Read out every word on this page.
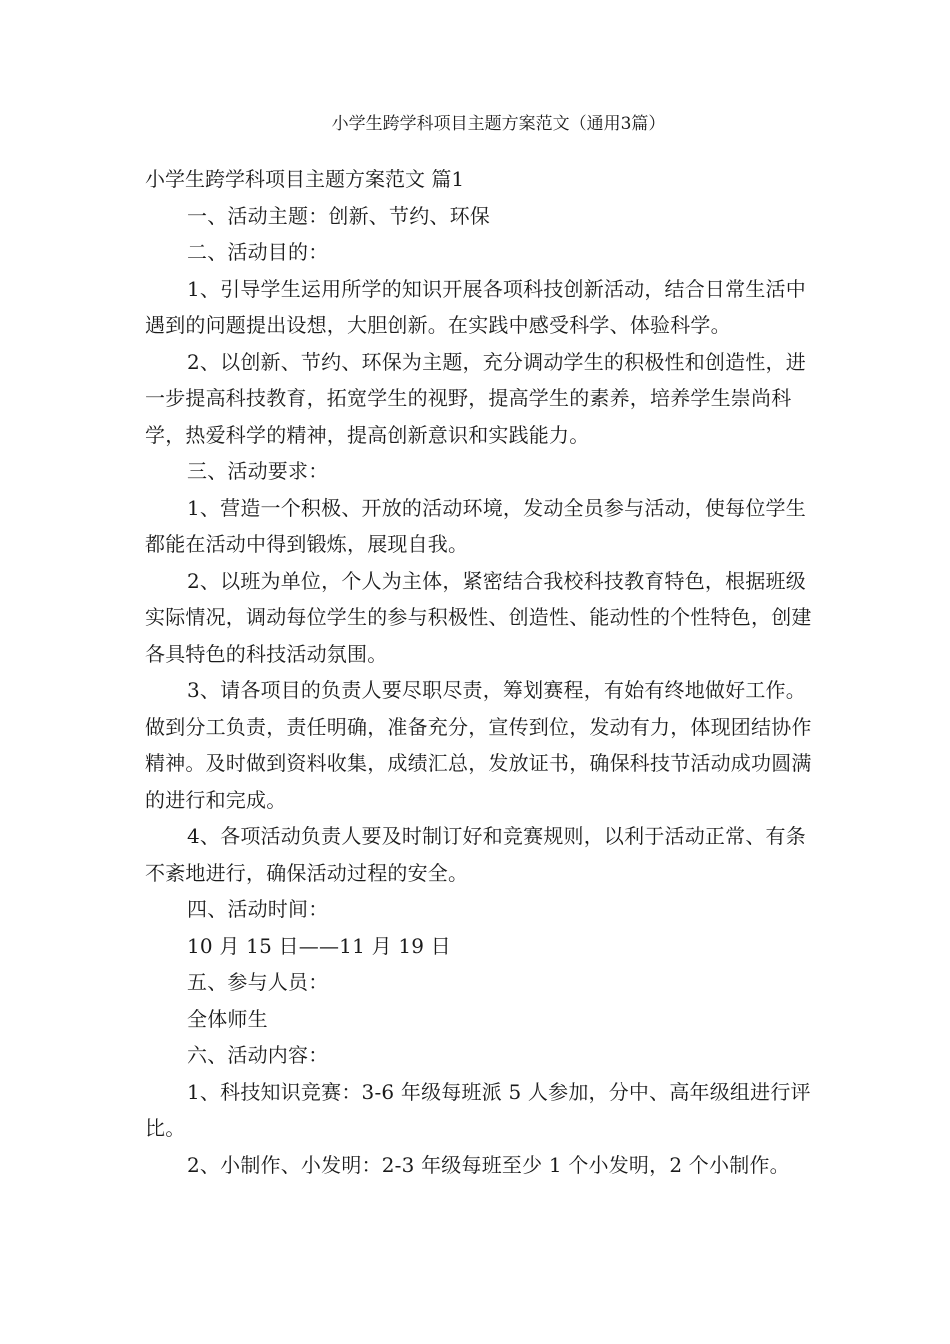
小学生跨学科项目主题方案范文（通用3篇）
小学生跨学科项目主题方案范文 篇1

一、活动主题：创新、节约、环保

二、活动目的：

1、引导学生运用所学的知识开展各项科技创新活动，结合日常生活中遇到的问题提出设想，大胆创新。在实践中感受科学、体验科学。

2、以创新、节约、环保为主题，充分调动学生的积极性和创造性，进一步提高科技教育，拓宽学生的视野，提高学生的素养，培养学生崇尚科学，热爱科学的精神，提高创新意识和实践能力。

三、活动要求：

1、营造一个积极、开放的活动环境，发动全员参与活动，使每位学生都能在活动中得到锻炼，展现自我。

2、以班为单位，个人为主体，紧密结合我校科技教育特色，根据班级实际情况，调动每位学生的参与积极性、创造性、能动性的个性特色，创建各具特色的科技活动氛围。

3、请各项目的负责人要尽职尽责，筹划赛程，有始有终地做好工作。做到分工负责，责任明确，准备充分，宣传到位，发动有力，体现团结协作精神。及时做到资料收集，成绩汇总，发放证书，确保科技节活动成功圆满的进行和完成。

4、各项活动负责人要及时制订好和竞赛规则，以利于活动正常、有条不紊地进行，确保活动过程的安全。

四、活动时间：

10 月 15 日——11 月 19 日

五、参与人员：

全体师生

六、活动内容：

1、科技知识竞赛：3-6 年级每班派 5 人参加，分中、高年级组进行评比。

2、小制作、小发明：2-3 年级每班至少 1 个小发明，2 个小制作。
